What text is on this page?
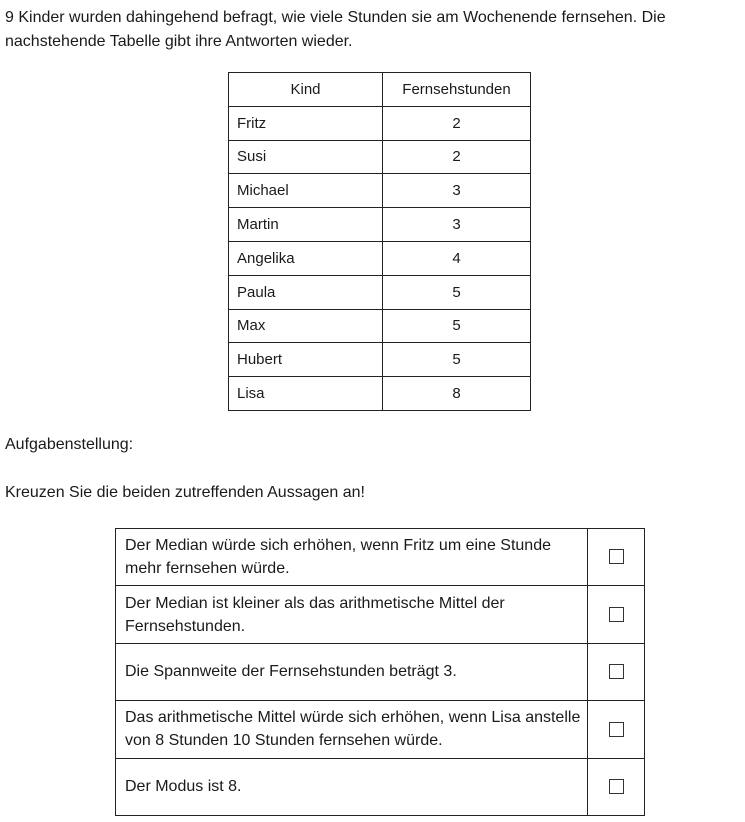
9 Kinder wurden dahingehend befragt, wie viele Stunden sie am Wochenende fernsehen. Die nachstehende Tabelle gibt ihre Antworten wieder.

Kind	Fernsehstunden
Fritz	2
Susi	2
Michael	3
Martin	3
Angelika	4
Paula	5
Max	5
Hubert	5
Lisa	8
Aufgabenstellung:

Kreuzen Sie die beiden zutreffenden Aussagen an!

Der Median würde sich erhöhen, wenn Fritz um eine Stunde mehr fernsehen würde.	
Der Median ist kleiner als das arithmetische Mittel der Fernsehstunden.	
Die Spannweite der Fernsehstunden beträgt 3.	
Das arithmetische Mittel würde sich erhöhen, wenn Lisa anstelle von 8 Stunden 10 Stunden fernsehen würde.	
Der Modus ist 8.	
